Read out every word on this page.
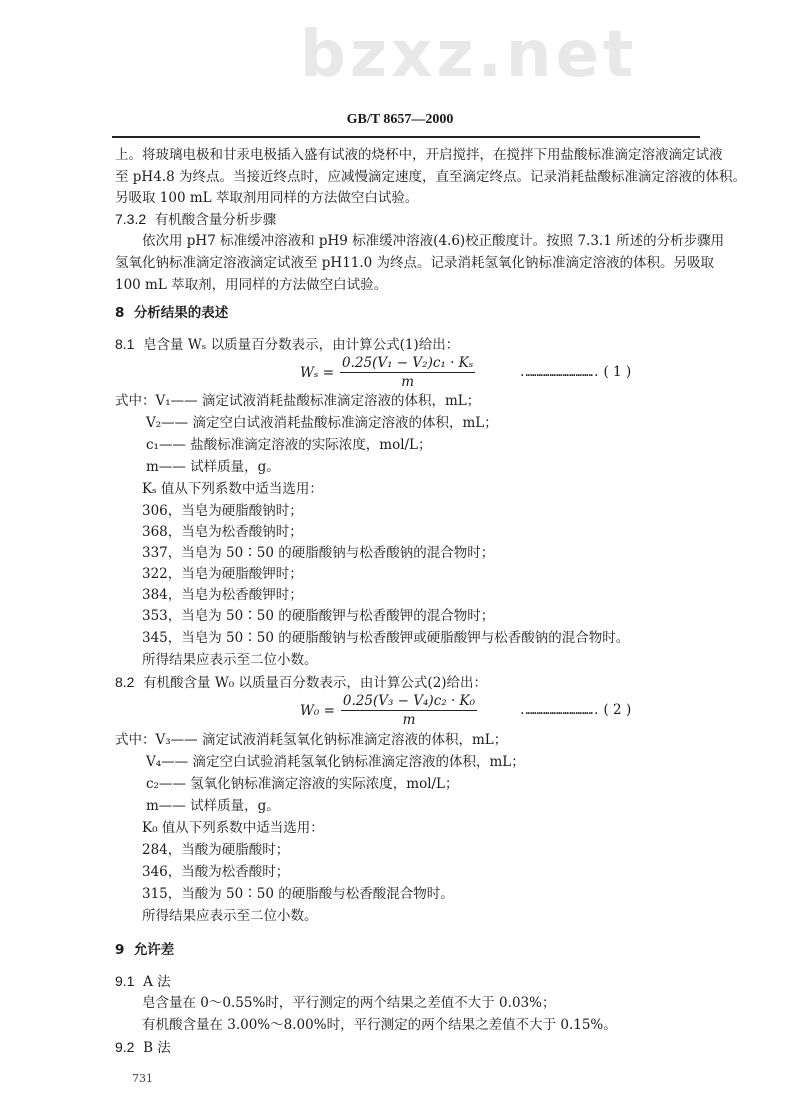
bzxz.net
GB/T 8657—2000
上。将玻璃电极和甘汞电极插入盛有试液的烧杯中，开启搅拌，在搅拌下用盐酸标准滴定溶液滴定试液
至 pH4.8 为终点。当接近终点时，应减慢滴定速度，直至滴定终点。记录消耗盐酸标准滴定溶液的体积。
另吸取 100 mL 萃取剂用同样的方法做空白试验。
7.3.2 有机酸含量分析步骤
依次用 pH7 标准缓冲溶液和 pH9 标准缓冲溶液(4.6)校正酸度计。按照 7.3.1 所述的分析步骤用
氢氧化钠标准滴定溶液滴定试液至 pH11.0 为终点。记录消耗氢氧化钠标准滴定溶液的体积。另吸取
100 mL 萃取剂，用同样的方法做空白试验。
8 分析结果的表述
8.1 皂含量 Wₛ 以质量百分数表示，由计算公式(1)给出：
$W_s = \frac{\text{0.25(V₁ − V₂)c₁ · Kₛ}}{m}$	…………………………… ( 1 )
式中：V₁—— 滴定试液消耗盐酸标准滴定溶液的体积，mL；
V₂—— 滴定空白试液消耗盐酸标准滴定溶液的体积，mL；
c₁—— 盐酸标准滴定溶液的实际浓度，mol/L；
m—— 试样质量，g。
Kₛ 值从下列系数中适当选用：
306，当皂为硬脂酸钠时；
368，当皂为松香酸钠时；
337，当皂为 50∶50 的硬脂酸钠与松香酸钠的混合物时；
322，当皂为硬脂酸钾时；
384，当皂为松香酸钾时；
353，当皂为 50∶50 的硬脂酸钾与松香酸钾的混合物时；
345，当皂为 50∶50 的硬脂酸钠与松香酸钾或硬脂酸钾与松香酸钠的混合物时。
所得结果应表示至二位小数。
8.2 有机酸含量 W₀ 以质量百分数表示，由计算公式(2)给出：
$W_0 = \frac{\text{0.25(V₃ − V₄)c₂ · K₀}}{m}$	…………………………… ( 2 )
式中：V₃—— 滴定试液消耗氢氧化钠标准滴定溶液的体积，mL；
V₄—— 滴定空白试验消耗氢氧化钠标准滴定溶液的体积，mL；
c₂—— 氢氧化钠标准滴定溶液的实际浓度，mol/L；
m—— 试样质量，g。
K₀ 值从下列系数中适当选用：
284，当酸为硬脂酸时；
346，当酸为松香酸时；
315，当酸为 50∶50 的硬脂酸与松香酸混合物时。
所得结果应表示至二位小数。
9 允许差
9.1 A 法
皂含量在 0～0.55%时，平行测定的两个结果之差值不大于 0.03%；
有机酸含量在 3.00%～8.00%时，平行测定的两个结果之差值不大于 0.15%。
9.2 B 法
731
